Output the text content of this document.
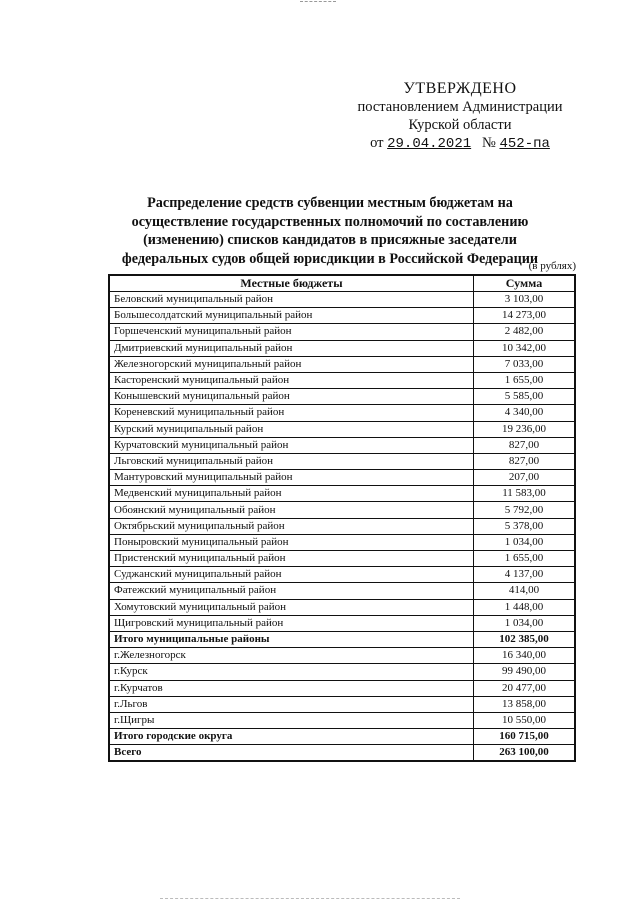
УТВЕРЖДЕНО
постановлением Администрации
Курской области
от 29.04.2021 № 452-па
Распределение средств субвенции местным бюджетам на осуществление государственных полномочий по составлению (изменению) списков кандидатов в присяжные заседатели федеральных судов общей юрисдикции в Российской Федерации
(в рублях)
Местные бюджеты	Сумма
Беловский муниципальный район	3 103,00
Большесолдатский муниципальный район	14 273,00
Горшеченский муниципальный район	2 482,00
Дмитриевский муниципальный район	10 342,00
Железногорский муниципальный район	7 033,00
Касторенский муниципальный район	1 655,00
Конышевский муниципальный район	5 585,00
Кореневский муниципальный район	4 340,00
Курский муниципальный район	19 236,00
Курчатовский муниципальный район	827,00
Льговский муниципальный район	827,00
Мантуровский муниципальный район	207,00
Медвенский муниципальный район	11 583,00
Обоянский муниципальный район	5 792,00
Октябрьский муниципальный район	5 378,00
Поныровский муниципальный район	1 034,00
Пристенский муниципальный район	1 655,00
Суджанский муниципальный район	4 137,00
Фатежский муниципальный район	414,00
Хомутовский муниципальный район	1 448,00
Щигровский муниципальный район	1 034,00
Итого муниципальные районы	102 385,00
г.Железногорск	16 340,00
г.Курск	99 490,00
г.Курчатов	20 477,00
г.Льгов	13 858,00
г.Щигры	10 550,00
Итого городские округа	160 715,00
Всего	263 100,00
